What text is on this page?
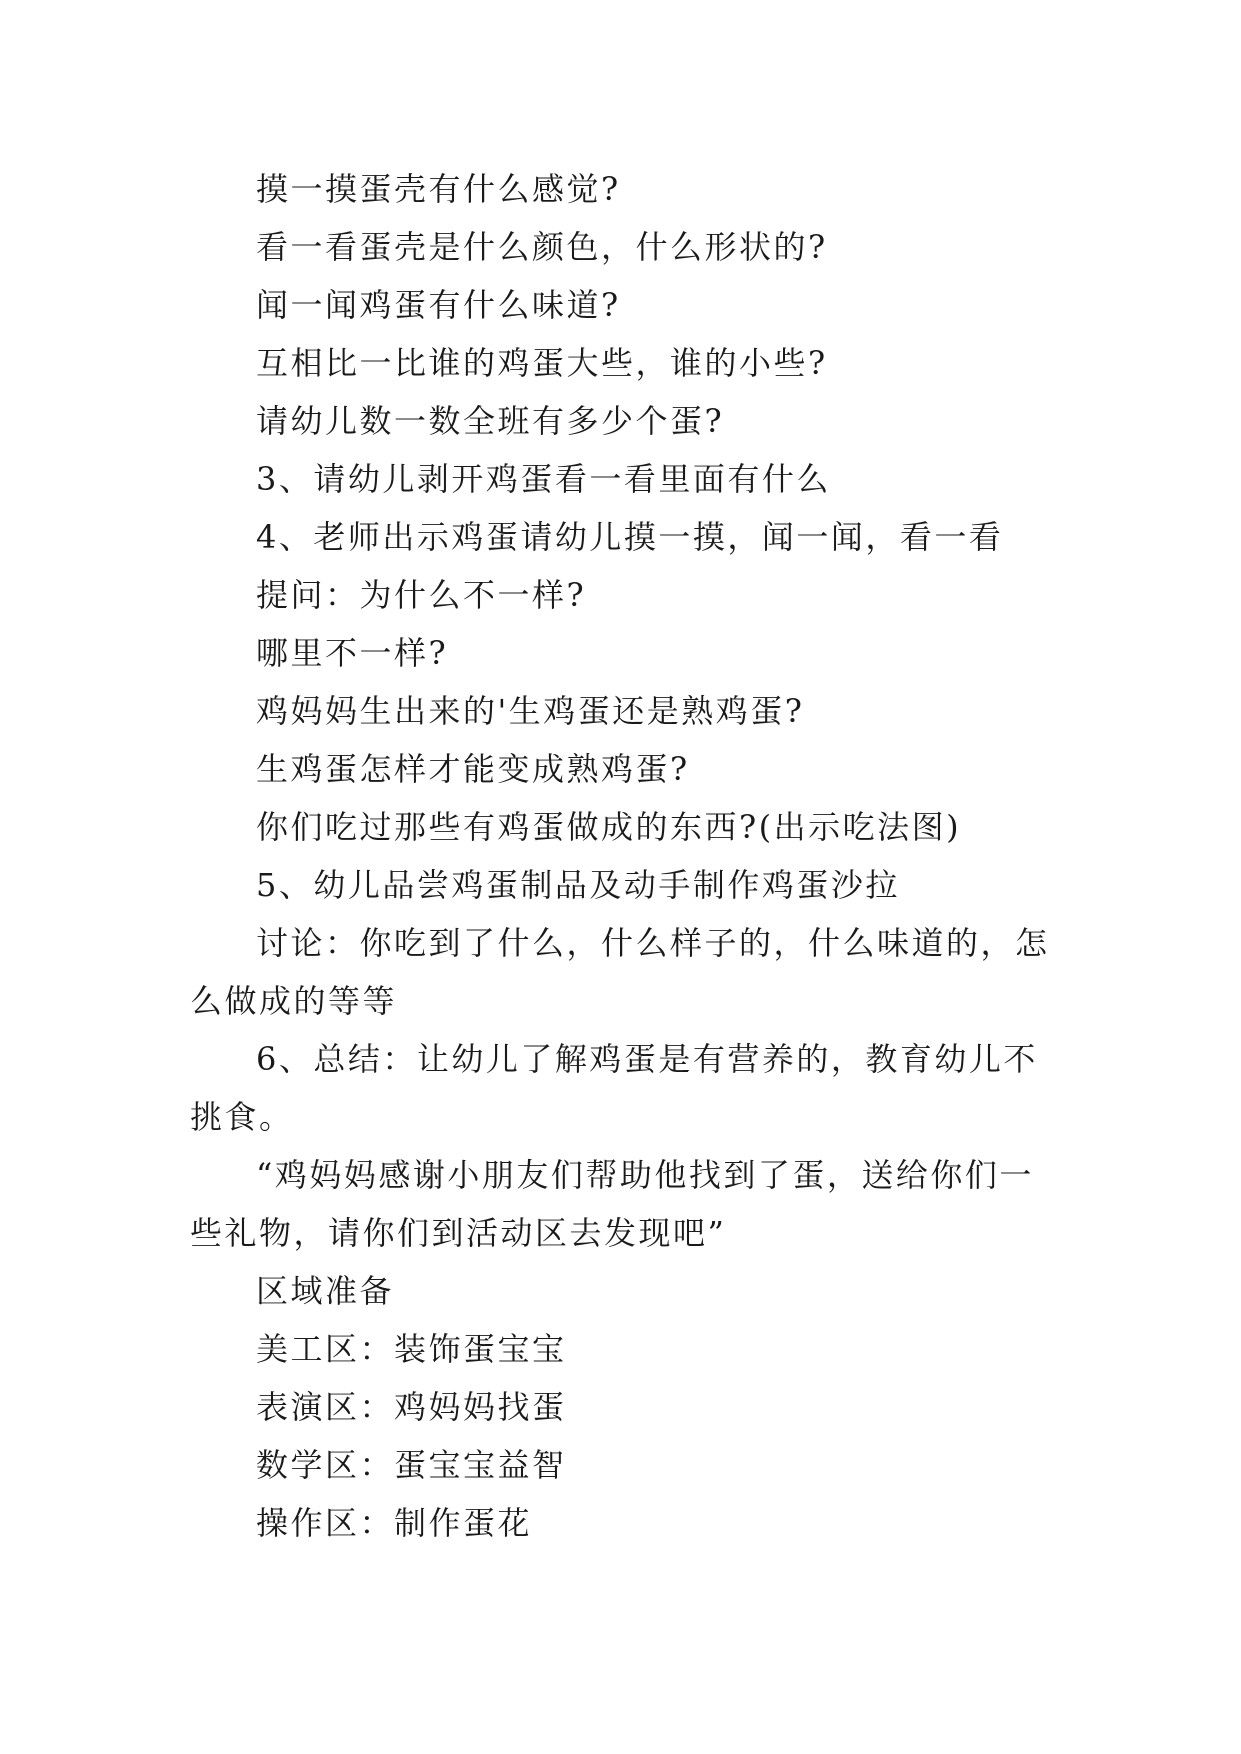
摸一摸蛋壳有什么感觉?

看一看蛋壳是什么颜色，什么形状的?

闻一闻鸡蛋有什么味道?

互相比一比谁的鸡蛋大些，谁的小些?

请幼儿数一数全班有多少个蛋?

3、请幼儿剥开鸡蛋看一看里面有什么

4、老师出示鸡蛋请幼儿摸一摸，闻一闻，看一看

提问：为什么不一样?

哪里不一样?

鸡妈妈生出来的'生鸡蛋还是熟鸡蛋?

生鸡蛋怎样才能变成熟鸡蛋?

你们吃过那些有鸡蛋做成的东西?(出示吃法图)

5、幼儿品尝鸡蛋制品及动手制作鸡蛋沙拉

讨论：你吃到了什么，什么样子的，什么味道的，怎么做成的等等

6、总结：让幼儿了解鸡蛋是有营养的，教育幼儿不挑食。

“鸡妈妈感谢小朋友们帮助他找到了蛋，送给你们一些礼物，请你们到活动区去发现吧”

区域准备

美工区：装饰蛋宝宝

表演区：鸡妈妈找蛋

数学区：蛋宝宝益智

操作区：制作蛋花
